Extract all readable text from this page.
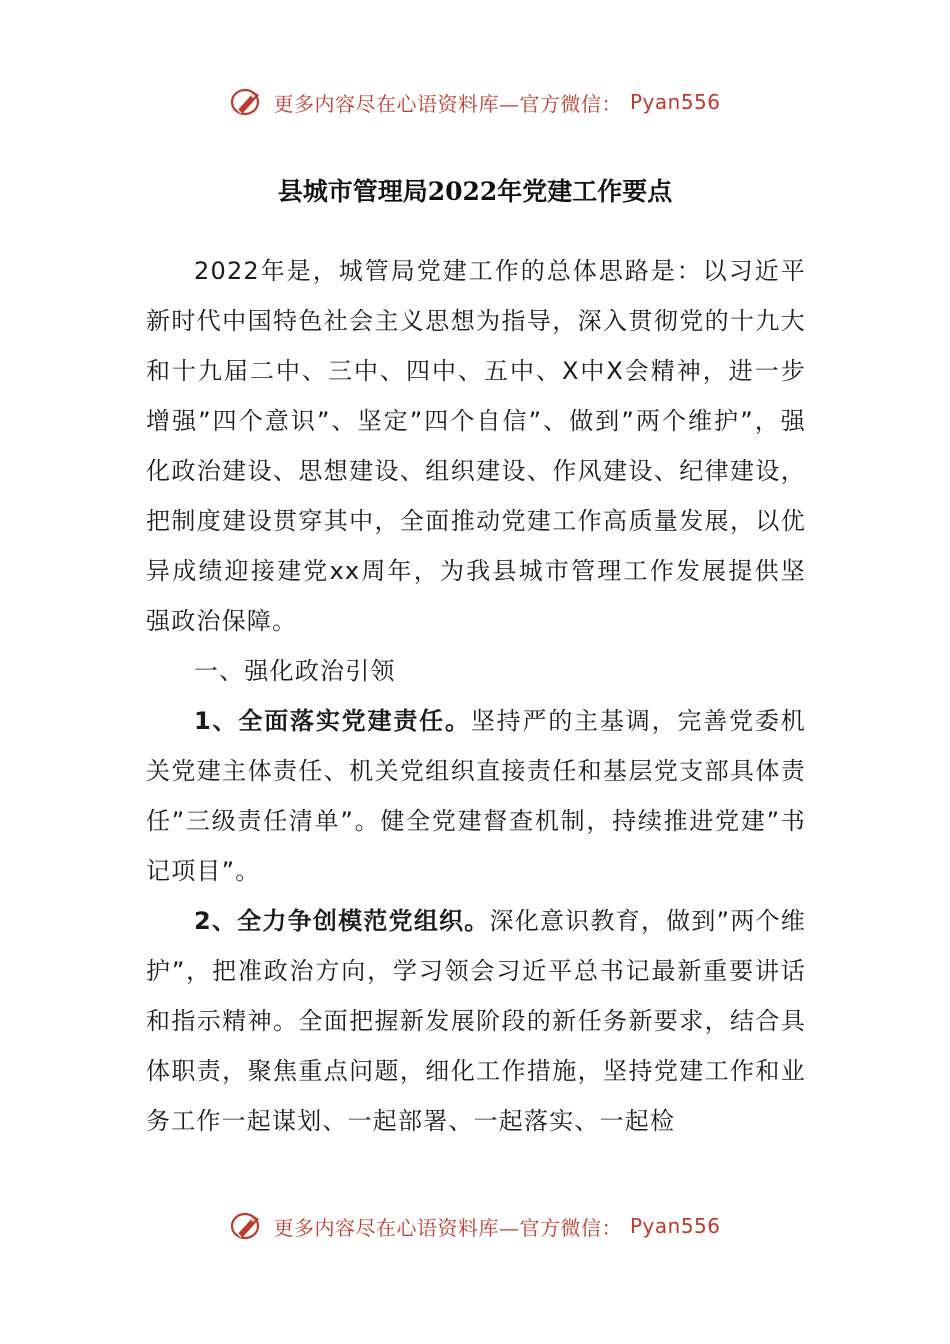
更多内容尽在心语资料库—官方微信： Pyan556
县城市管理局2022年党建工作要点

2022年是，城管局党建工作的总体思路是：以习近平新时代中国特色社会主义思想为指导，深入贯彻党的十九大和十九届二中、三中、四中、五中、X中X会精神，进一步增强”四个意识”、坚定”四个自信”、做到”两个维护”，强化政治建设、思想建设、组织建设、作风建设、纪律建设，把制度建设贯穿其中，全面推动党建工作高质量发展，以优异成绩迎接建党xx周年，为我县城市管理工作发展提供坚强政治保障。

一、强化政治引领

1、全面落实党建责任。坚持严的主基调，完善党委机关党建主体责任、机关党组织直接责任和基层党支部具体责任”三级责任清单”。健全党建督查机制，持续推进党建”书记项目”。

2、全力争创模范党组织。深化意识教育，做到”两个维护”，把准政治方向，学习领会习近平总书记最新重要讲话和指示精神。全面把握新发展阶段的新任务新要求，结合具体职责，聚焦重点问题，细化工作措施，坚持党建工作和业务工作一起谋划、一起部署、一起落实、一起检

更多内容尽在心语资料库—官方微信： Pyan556
